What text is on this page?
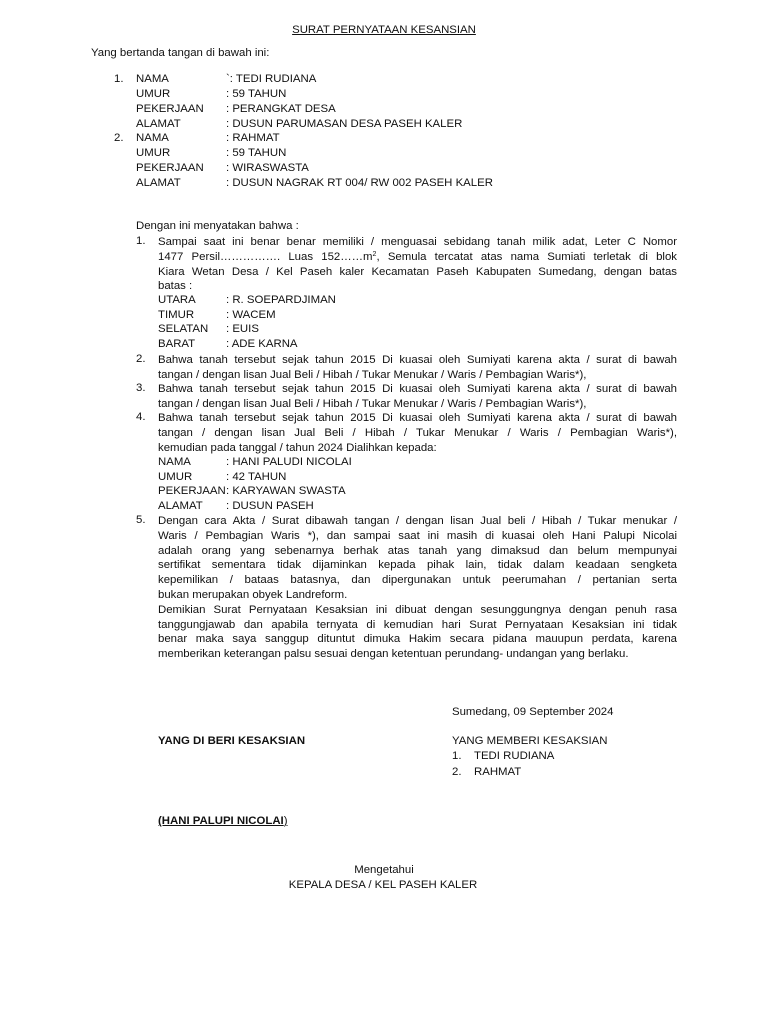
SURAT PERNYATAAN KESANSIAN
Yang bertanda tangan di bawah ini:
1. NAMA	`: TEDI RUDIANA
UMUR	: 59 TAHUN
PEKERJAAN : PERANGKAT DESA
ALAMAT	: DUSUN PARUMASAN DESA PASEH KALER
2. NAMA	: RAHMAT
UMUR	: 59 TAHUN
PEKERJAAN : WIRASWASTA
ALAMAT	: DUSUN NAGRAK RT 004/ RW 002 PASEH KALER
Dengan ini menyatakan bahwa :
1. Sampai saat ini benar benar memiliki / menguasai sebidang tanah milik adat, Leter C Nomor
1477 Persil……………. Luas $152\dots\dots m^2$, Semula tercatat atas nama Sumiati terletak di blok
Kiara Wetan Desa / Kel Paseh kaler Kecamatan Paseh Kabupaten Sumedang, dengan batas
batas :
UTARA	: R. SOEPARDJIMAN
TIMUR	: WACEM
SELATAN : EUIS
BARAT	: ADE KARNA
2. Bahwa tanah tersebut sejak tahun 2015 Di kuasai oleh Sumiyati karena akta / surat di bawah
tangan / dengan lisan Jual Beli / Hibah / Tukar Menukar / Waris / Pembagian Waris*),
3. Bahwa tanah tersebut sejak tahun 2015 Di kuasai oleh Sumiyati karena akta / surat di bawah
tangan / dengan lisan Jual Beli / Hibah / Tukar Menukar / Waris / Pembagian Waris*),
4. Bahwa tanah tersebut sejak tahun 2015 Di kuasai oleh Sumiyati karena akta / surat di bawah
tangan / dengan lisan Jual Beli / Hibah / Tukar Menukar / Waris / Pembagian Waris*),
kemudian pada tanggal / tahun 2024 Dialihkan kepada:
NAMA	: HANI PALUDI NICOLAI
UMUR	: 42 TAHUN
PEKERJAAN : KARYAWAN SWASTA
ALAMAT : DUSUN PASEH
5. Dengan cara Akta / Surat dibawah tangan / dengan lisan Jual beli / Hibah / Tukar menukar /
Waris / Pembagian Waris *), dan sampai saat ini masih di kuasai oleh Hani Palupi Nicolai
adalah orang yang sebenarnya berhak atas tanah yang dimaksud dan belum mempunyai
sertifikat sementara tidak dijaminkan kepada pihak lain, tidak dalam keadaan sengketa
kepemilikan / bataas batasnya, dan dipergunakan untuk peerumahan / pertanian serta
bukan merupakan obyek Landreform.
Demikian Surat Pernyataan Kesaksian ini dibuat dengan sesunggungnya dengan penuh rasa
tanggungjawab dan apabila ternyata di kemudian hari Surat Pernyataan Kesaksian ini tidak
benar maka saya sanggup dituntut dimuka Hakim secara pidana mauupun perdata, karena
memberikan keterangan palsu sesuai dengan ketentuan perundang- undangan yang berlaku.
Sumedang, 09 September 2024
YANG DI BERI KESAKSIAN	YANG MEMBERI KESAKSIAN
1. TEDI RUDIANA
2. RAHMAT
(HANI PALUPI NICOLAI)
Mengetahui
KEPALA DESA / KEL PASEH KALER
